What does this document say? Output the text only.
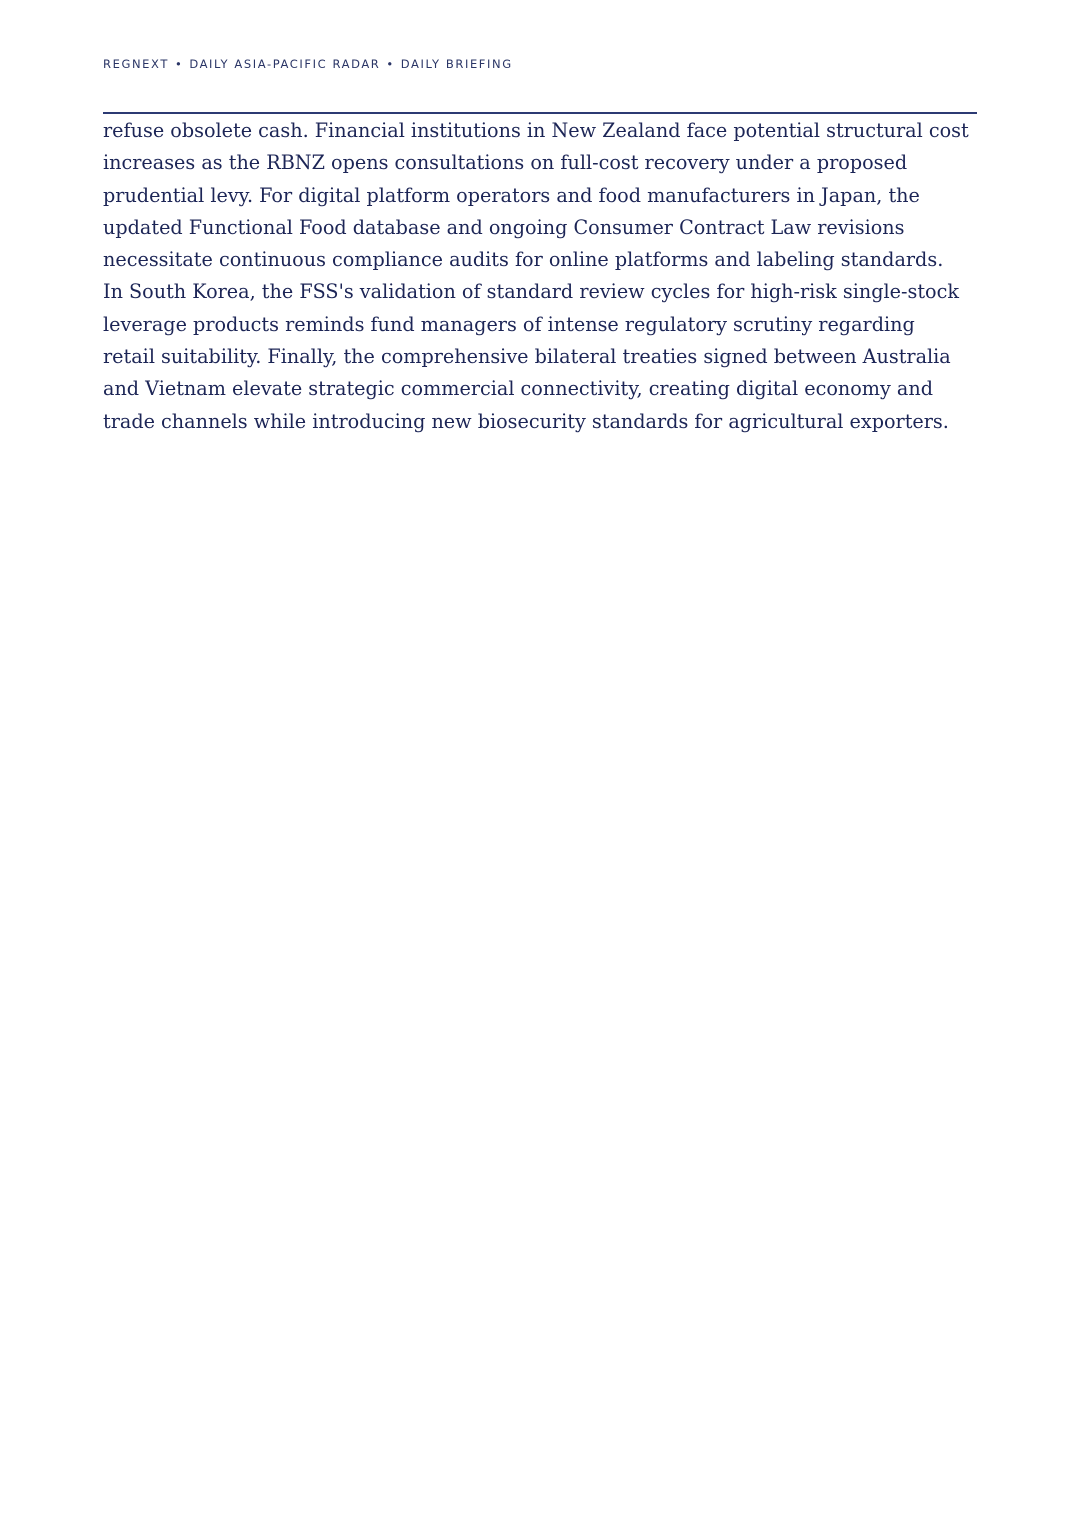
REGNEXT • DAILY ASIA-PACIFIC RADAR • DAILY BRIEFING

refuse obsolete cash. Financial institutions in New Zealand face potential structural cost
increases as the RBNZ opens consultations on full-cost recovery under a proposed
prudential levy. For digital platform operators and food manufacturers in Japan, the
updated Functional Food database and ongoing Consumer Contract Law revisions
necessitate continuous compliance audits for online platforms and labeling standards.
In South Korea, the FSS's validation of standard review cycles for high-risk single-stock
leverage products reminds fund managers of intense regulatory scrutiny regarding
retail suitability. Finally, the comprehensive bilateral treaties signed between Australia
and Vietnam elevate strategic commercial connectivity, creating digital economy and
trade channels while introducing new biosecurity standards for agricultural exporters.
